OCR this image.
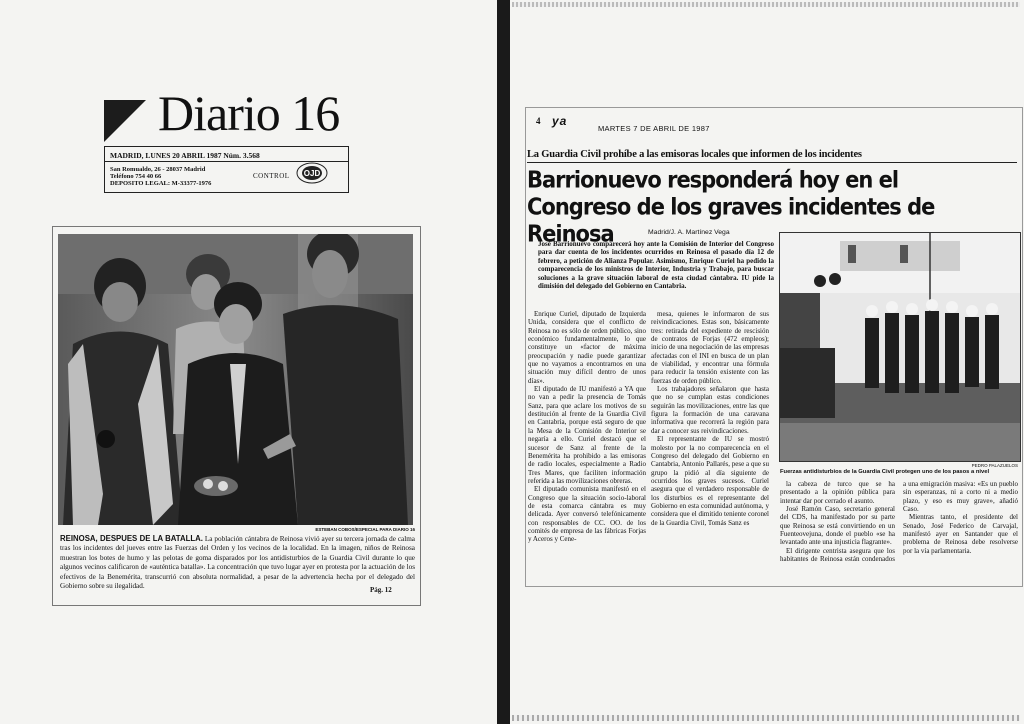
Diario 16
MADRID, LUNES 20 ABRIL 1987 Núm. 3.568
San Romualdo, 26 - 28037 Madrid
Teléfono 754 40 66
DEPOSITO LEGAL: M-33377-1976
CONTROL OJD
ESTEBAN COBOS/ESPECIAL PARA DIARIO 16
REINOSA, DESPUES DE LA BATALLA. La población cántabra de Reinosa vivió ayer su tercera jornada de calma tras los incidentes del jueves entre las Fuerzas del Orden y los vecinos de la localidad. En la imagen, niños de Reinosa muestran los botes de humo y las pelotas de goma disparados por los antidisturbios de la Guardia Civil durante lo que algunos vecinos calificaron de «auténtica batalla». La concentración que tuvo lugar ayer en protesta por la actuación de los efectivos de la Benemérita, transcurrió con absoluta normalidad, a pesar de la advertencia hecha por el delegado del Gobierno sobre su ilegalidad.	Pág. 12
4 ya
MARTES 7 DE ABRIL DE 1987
La Guardia Civil prohíbe a las emisoras locales que informen de los incidentes
Barrionuevo responderá hoy en el Congreso de los graves incidentes de Reinosa	Madrid/J. A. Martínez Vega
José Barrionuevo comparecerá hoy ante la Comisión de Interior del Congreso para dar cuenta de los incidentes ocurridos en Reinosa el pasado día 12 de febrero, a petición de Alianza Popular. Asimismo, Enrique Curiel ha pedido la comparecencia de los ministros de Interior, Industria y Trabajo, para buscar soluciones a la grave situación laboral de esta ciudad cántabra. IU pide la dimisión del delegado del Gobierno en Cantabria.

Enrique Curiel, diputado de Izquierda Unida, considera que el conflicto de Reinosa no es sólo de orden público, sino económico fundamentalmente, lo que constituye un «factor de máxima preocupación y nadie puede garantizar que no vayamos a encontrarnos en una situación muy difícil dentro de unos días».

El diputado de IU manifestó a YA que no van a pedir la presencia de Tomás Sanz, para que aclare los motivos de su destitución al frente de la Guardia Civil en Cantabria, porque está seguro de que la Mesa de la Comisión de Interior se negaría a ello. Curiel destacó que el sucesor de Sanz al frente de la Benemérita ha prohibido a las emisoras de radio locales, especialmente a Radio Tres Mares, que faciliten información referida a las movilizaciones obreras.

El diputado comunista manifestó en el Congreso que la situación socio-laboral de esta comarca cántabra es muy delicada. Ayer conversó telefónicamente con responsables de CC. OO. de los comités de empresa de las fábricas Forjas y Aceros y Cene-

mesa, quienes le informaron de sus reivindicaciones. Estas son, básicamente tres: retirada del expediente de rescisión de contratos de Forjas (472 empleos); inicio de una negociación de las empresas afectadas con el INI en busca de un plan de viabilidad, y encontrar una fórmula para reducir la tensión existente con las fuerzas de orden público.

Los trabajadores señalaron que hasta que no se cumplan estas condiciones seguirán las movilizaciones, entre las que figura la formación de una caravana informativa que recorrerá la región para dar a conocer sus reivindicaciones.

El representante de IU se mostró molesto por la no comparecencia en el Congreso del delegado del Gobierno en Cantabria, Antonio Pallarés, pese a que su grupo la pidió al día siguiente de ocurridos los graves sucesos. Curiel asegura que el verdadero responsable de los disturbios es el representante del Gobierno en esta comunidad autónoma, y considera que el dimitido teniente coronel de la Guardia Civil, Tomás Sanz es

PEDRO PALAZUELOS
Fuerzas antidisturbios de la Guardia Civil protegen uno de los pasos a nivel

la cabeza de turco que se ha presentado a la opinión pública para intentar dar por cerrado el asunto.

José Ramón Caso, secretario general del CDS, ha manifestado por su parte que Reinosa se está convirtiendo en un Fuenteovejuna, donde el pueblo «se ha levantado ante una injusticia flagrante».

El dirigente centrista asegura que los habitantes de Reinosa están condenados a una emigración masiva: «Es un pueblo sin esperanzas, ni a corto ni a medio plazo, y eso es muy grave», añadió Caso.

Mientras tanto, el presidente del Senado, José Federico de Carvajal, manifestó ayer en Santander que el problema de Reinosa debe resolverse por la vía parlamentaria.
